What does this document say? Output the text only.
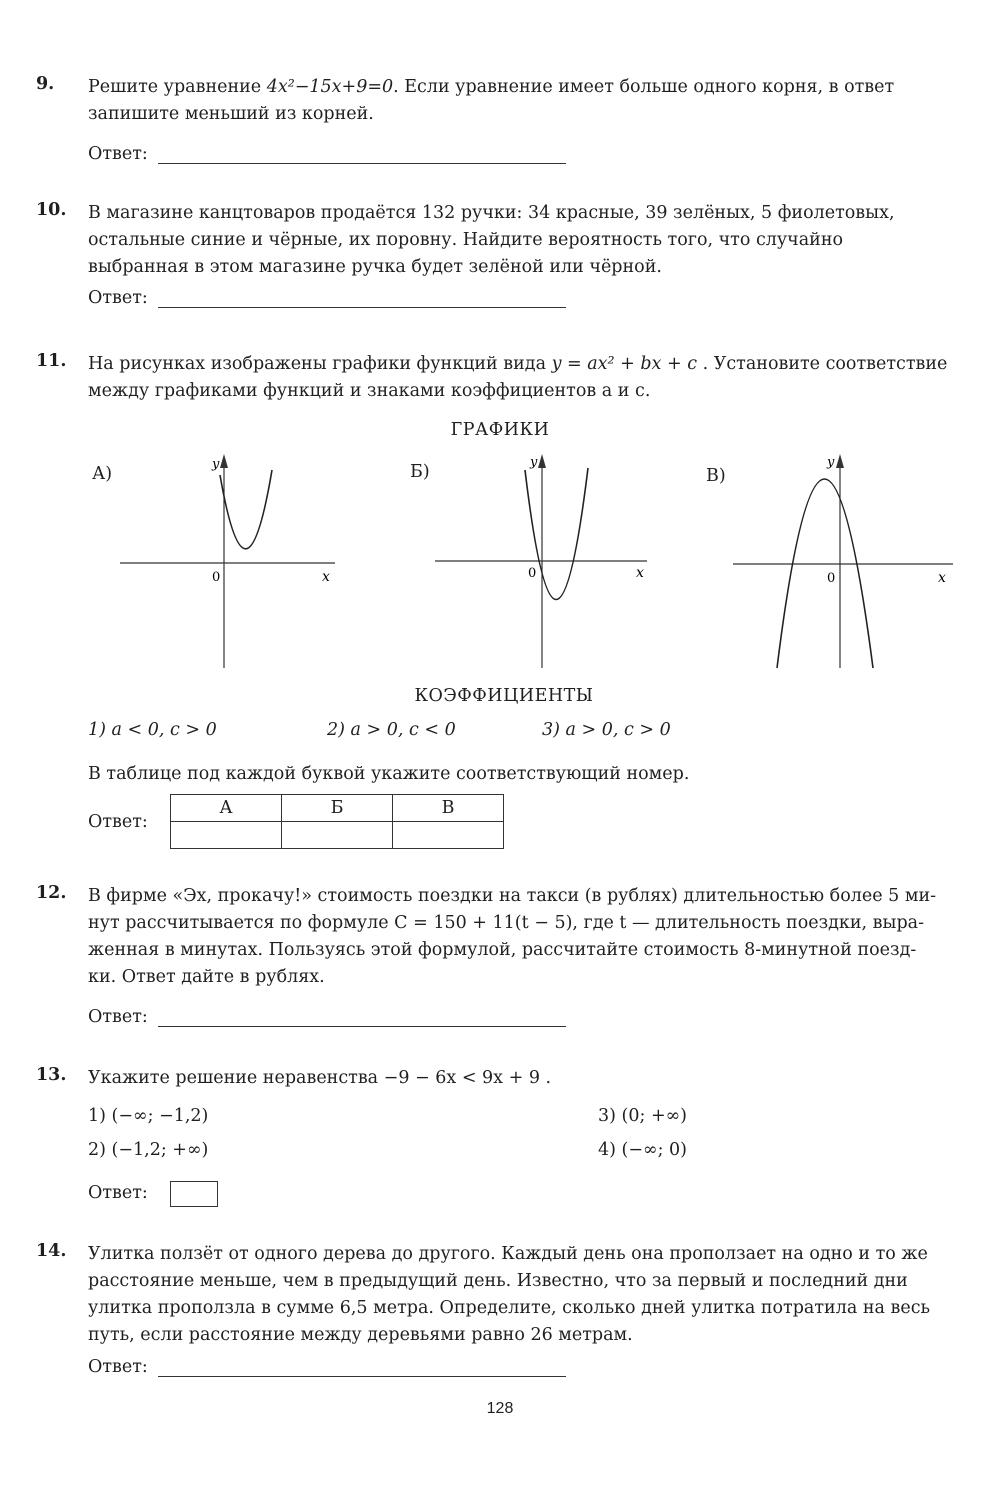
9. Решите уравнение 4x²−15x+9=0. Если уравнение имеет больше одного корня, в ответ
запишите меньший из корней.
Ответ:
10. В магазине канцтоваров продаётся 132 ручки: 34 красные, 39 зелёных, 5 фиолетовых,
остальные синие и чёрные, их поровну. Найдите вероятность того, что случайно
выбранная в этом магазине ручка будет зелёной или чёрной.
Ответ:
11. На рисунках изображены графики функций вида y = ax² + bx + c . Установите соответствие
между графиками функций и знаками коэффициентов a и c.
ГРАФИКИ
А)	Б)	В)
y
x
0
y
x
0
y
x
0
КОЭФФИЦИЕНТЫ
1) a < 0, c > 0	2) a > 0, c < 0	3) a > 0, c > 0
В таблице под каждой буквой укажите соответствующий номер.
Ответ:
А	Б	В

12. В фирме «Эх, прокачу!» стоимость поездки на такси (в рублях) длительностью более 5 ми-
нут рассчитывается по формуле C = 150 + 11(t − 5), где t — длительность поездки, выра-
женная в минутах. Пользуясь этой формулой, рассчитайте стоимость 8-минутной поезд-
ки. Ответ дайте в рублях.
Ответ:
13. Укажите решение неравенства −9 − 6x < 9x + 9 .
1) (−∞; −1,2)
2) (−1,2; +∞)
3) (0; +∞)
4) (−∞; 0)
Ответ:
14. Улитка ползёт от одного дерева до другого. Каждый день она проползает на одно и то же
расстояние меньше, чем в предыдущий день. Известно, что за первый и последний дни
улитка проползла в сумме 6,5 метра. Определите, сколько дней улитка потратила на весь
путь, если расстояние между деревьями равно 26 метрам.
Ответ:
128
